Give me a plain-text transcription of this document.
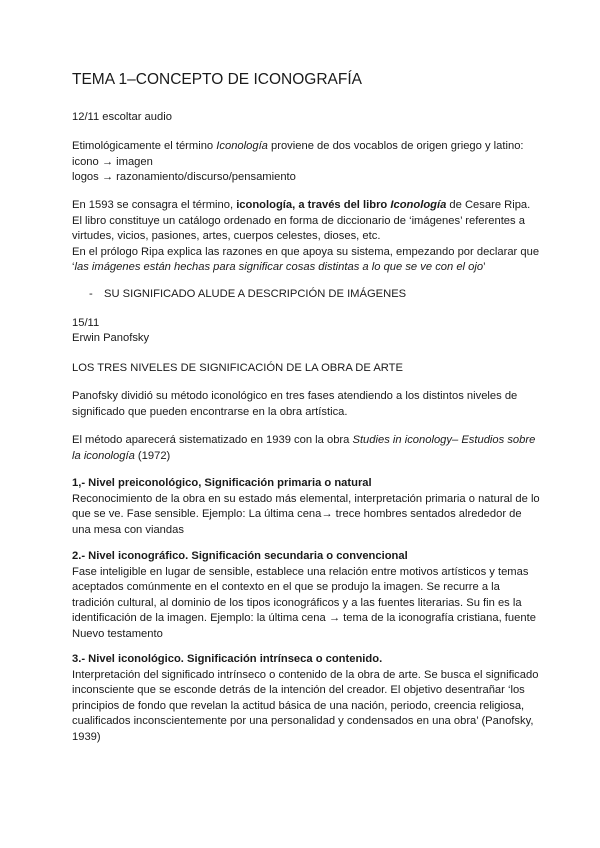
TEMA 1–CONCEPTO DE ICONOGRAFÍA

12/11 escoltar audio

Etimológicamente el término Iconología proviene de dos vocablos de origen griego y latino:

icono → imagen

logos → razonamiento/discurso/pensamiento

En 1593 se consagra el término, iconología, a través del libro Iconología de Cesare Ripa.

El libro constituye un catálogo ordenado en forma de diccionario de ‘imágenes’ referentes a virtudes, vicios, pasiones, artes, cuerpos celestes, dioses, etc.

En el prólogo Ripa explica las razones en que apoya su sistema, empezando por declarar que ‘las imágenes están hechas para significar cosas distintas a lo que se ve con el ojo’

- SU SIGNIFICADO ALUDE A DESCRIPCIÓN DE IMÁGENES

15/11

Erwin Panofsky

LOS TRES NIVELES DE SIGNIFICACIÓN DE LA OBRA DE ARTE

Panofsky dividió su método iconológico en tres fases atendiendo a los distintos niveles de significado que pueden encontrarse en la obra artística.

El método aparecerá sistematizado en 1939 con la obra Studies in iconology– Estudios sobre la iconología (1972)

1,- Nivel preiconológico, Significación primaria o natural

Reconocimiento de la obra en su estado más elemental, interpretación primaria o natural de lo que se ve. Fase sensible. Ejemplo: La última cena→ trece hombres sentados alrededor de una mesa con viandas

2.- Nivel iconográfico. Significación secundaria o convencional

Fase inteligible en lugar de sensible, establece una relación entre motivos artísticos y temas aceptados comúnmente en el contexto en el que se produjo la imagen. Se recurre a la tradición cultural, al dominio de los tipos iconográficos y a las fuentes literarias. Su fin es la identificación de la imagen. Ejemplo: la última cena → tema de la iconografía cristiana, fuente Nuevo testamento

3.- Nivel iconológico. Significación intrínseca o contenido.

Interpretación del significado intrínseco o contenido de la obra de arte. Se busca el significado inconsciente que se esconde detrás de la intención del creador. El objetivo desentrañar ‘los principios de fondo que revelan la actitud básica de una nación, periodo, creencia religiosa, cualificados inconscientemente por una personalidad y condensados en una obra’ (Panofsky, 1939)
